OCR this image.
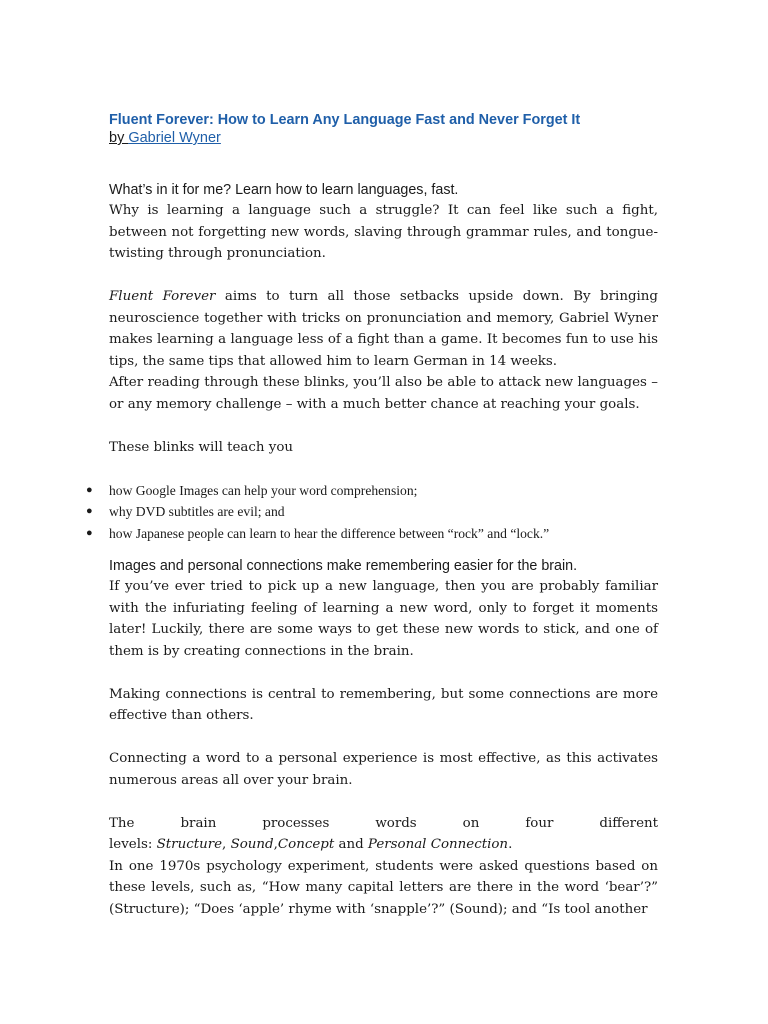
Fluent Forever: How to Learn Any Language Fast and Never Forget It

by Gabriel Wyner

What’s in it for me? Learn how to learn languages, fast.

Why is learning a language such a struggle? It can feel like such a fight, between not forgetting new words, slaving through grammar rules, and tongue-twisting through pronunciation.

Fluent Forever aims to turn all those setbacks upside down. By bringing neuroscience together with tricks on pronunciation and memory, Gabriel Wyner makes learning a language less of a fight than a game. It becomes fun to use his tips, the same tips that allowed him to learn German in 14 weeks.

After reading through these blinks, you’ll also be able to attack new languages – or any memory challenge – with a much better chance at reaching your goals.

These blinks will teach you

● how Google Images can help your word comprehension;
● why DVD subtitles are evil; and
● how Japanese people can learn to hear the difference between “rock” and “lock.”
Images and personal connections make remembering easier for the brain.

If you’ve ever tried to pick up a new language, then you are probably familiar with the infuriating feeling of learning a new word, only to forget it moments later! Luckily, there are some ways to get these new words to stick, and one of them is by creating connections in the brain.

Making connections is central to remembering, but some connections are more effective than others.

Connecting a word to a personal experience is most effective, as this activates numerous areas all over your brain.

The	brain	processes	words	on	four	different

levels: Structure, Sound,Concept and Personal Connection.

In one 1970s psychology experiment, students were asked questions based on these levels, such as, “How many capital letters are there in the word ‘bear’?” (Structure); “Does ‘apple’ rhyme with ‘snapple’?” (Sound); and “Is tool another
